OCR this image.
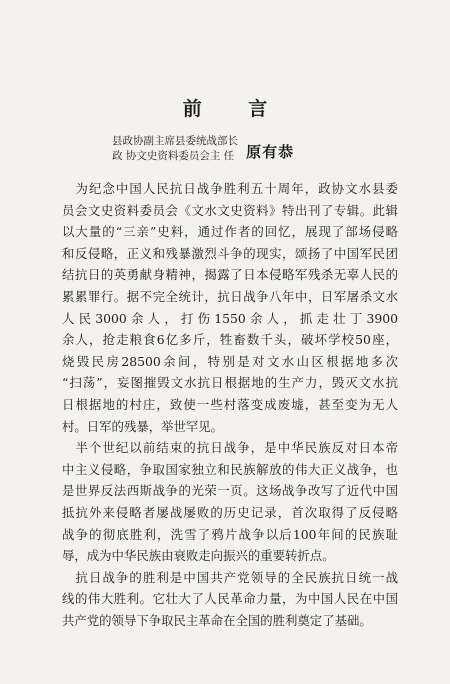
前 言
县政协副主席县委统战部长
政 协文史资料委员会主 任 原有恭
　为纪念中国人民抗日战争胜利五十周年，政协文水县委
员会文史资料委员会《文水文史资料》特出刊了专辑。此辑
以大量的“三亲”史料，通过作者的回忆，展现了部场侵略
和反侵略，正义和残暴激烈斗争的现实，颂扬了中国军民团
结抗日的英勇献身精神，揭露了日本侵略军残杀无辜人民的
累累罪行。据不完全统计，抗日战争八年中，日军屠杀文水
人民3000余人，打伤1550余人，抓走壮丁3900
余人，抢走粮食6亿多斤，牲畜数千头，破坏学校50座，
烧毁民房28500余间，特别是对文水山区根据地多次
“扫荡”，妄图摧毁文水抗日根据地的生产力，毁灭文水抗
日根据地的村庄，致使一些村落变成废墟，甚至变为无人
村。日军的残暴，举世罕见。
　半个世纪以前结束的抗日战争，是中华民族反对日本帝
中主义侵略，争取国家独立和民族解放的伟大正义战争，也
是世界反法西斯战争的光荣一页。这场战争改写了近代中国
抵抗外来侵略者屡战屡败的历史记录，首次取得了反侵略
战争的彻底胜利，洗雪了鸦片战争以后100年间的民族耻
辱，成为中华民族由衰败走向振兴的重要转折点。
　抗日战争的胜利是中国共产党领导的全民族抗日统一战
线的伟大胜利。它壮大了人民革命力量，为中国人民在中国
共产党的领导下争取民主革命在全国的胜利奠定了基础。
